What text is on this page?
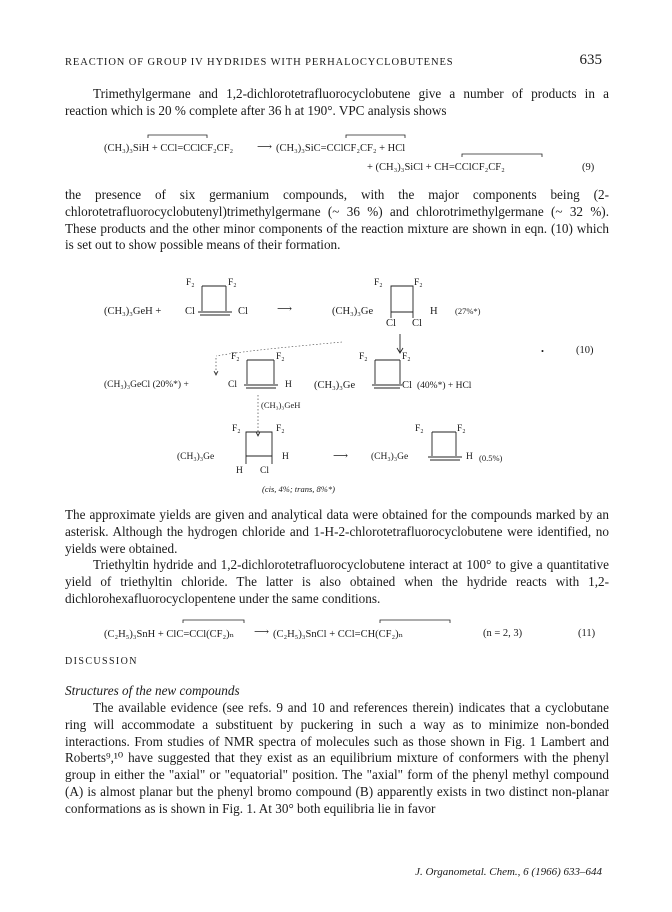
REACTION OF GROUP IV HYDRIDES WITH PERHALOCYCLOBUTENES	635
Trimethylgermane and 1,2-dichlorotetrafluorocyclobutene give a number of products in a reaction which is 20 % complete after 36 h at 190°. VPC analysis shows
(CH₃)₃SiH + CCl=CClCF₂CF₂ ⟶ (CH₃)₃SiC=CClCF₂CF₂ + HCl
+ (CH₃)₃SiCl + CH=CClCF₂CF₂	(9)
the presence of six germanium compounds, with the major components being (2-chlorotetrafluorocyclobutenyl)trimethylgermane (~ 36 %) and chlorotrimethylgermane (~ 32 %). These products and the other minor components of the reaction mixture are shown in eqn. (10) which is set out to show possible means of their formation.
(CH₃)₃GeH +
F₂	F₂
Cl	Cl	⟶
F₂	F₂
(CH₃)₃Ge	H (27%*)
Cl Cl
•	(10)
(CH₃)₃GeCl (20%*) +
F₂	F₂
Cl	H
F₂	F₂
(CH₃)₃Ge	Cl (40%*) + HCl
(CH₃)₃GeH
F₂	F₂
(CH₃)₃Ge	H
H Cl
(cis, 4%; trans, 8%*)
⟶
F₂	F₂
(CH₃)₃Ge	H (0.5%)
The approximate yields are given and analytical data were obtained for the compounds marked by an asterisk. Although the hydrogen chloride and 1-H-2-chlorotetrafluorocyclobutene were identified, no yields were obtained.
Triethyltin hydride and 1,2-dichlorotetrafluorocyclobutene interact at 100° to give a quantitative yield of triethyltin chloride. The latter is also obtained when the hydride reacts with 1,2-dichlorohexafluorocyclopentene under the same conditions.
(C₂H₅)₃SnH + ClC=CCl(CF₂)ₙ ⟶ (C₂H₅)₃SnCl + CCl=CH(CF₂)ₙ	(n = 2, 3)	(11)
DISCUSSION
Structures of the new compounds
The available evidence (see refs. 9 and 10 and references therein) indicates that a cyclobutane ring will accommodate a substituent by puckering in such a way as to minimize non-bonded interactions. From studies of NMR spectra of molecules such as those shown in Fig. 1 Lambert and Roberts⁹,¹⁰ have suggested that they exist as an equilibrium mixture of conformers with the phenyl group in either the "axial" or "equatorial" position. The "axial" form of the phenyl methyl compound (A) is almost planar but the phenyl bromo compound (B) apparently exists in two distinct non-planar conformations as is shown in Fig. 1. At 30° both equilibria lie in favor
J. Organometal. Chem., 6 (1966) 633–644
